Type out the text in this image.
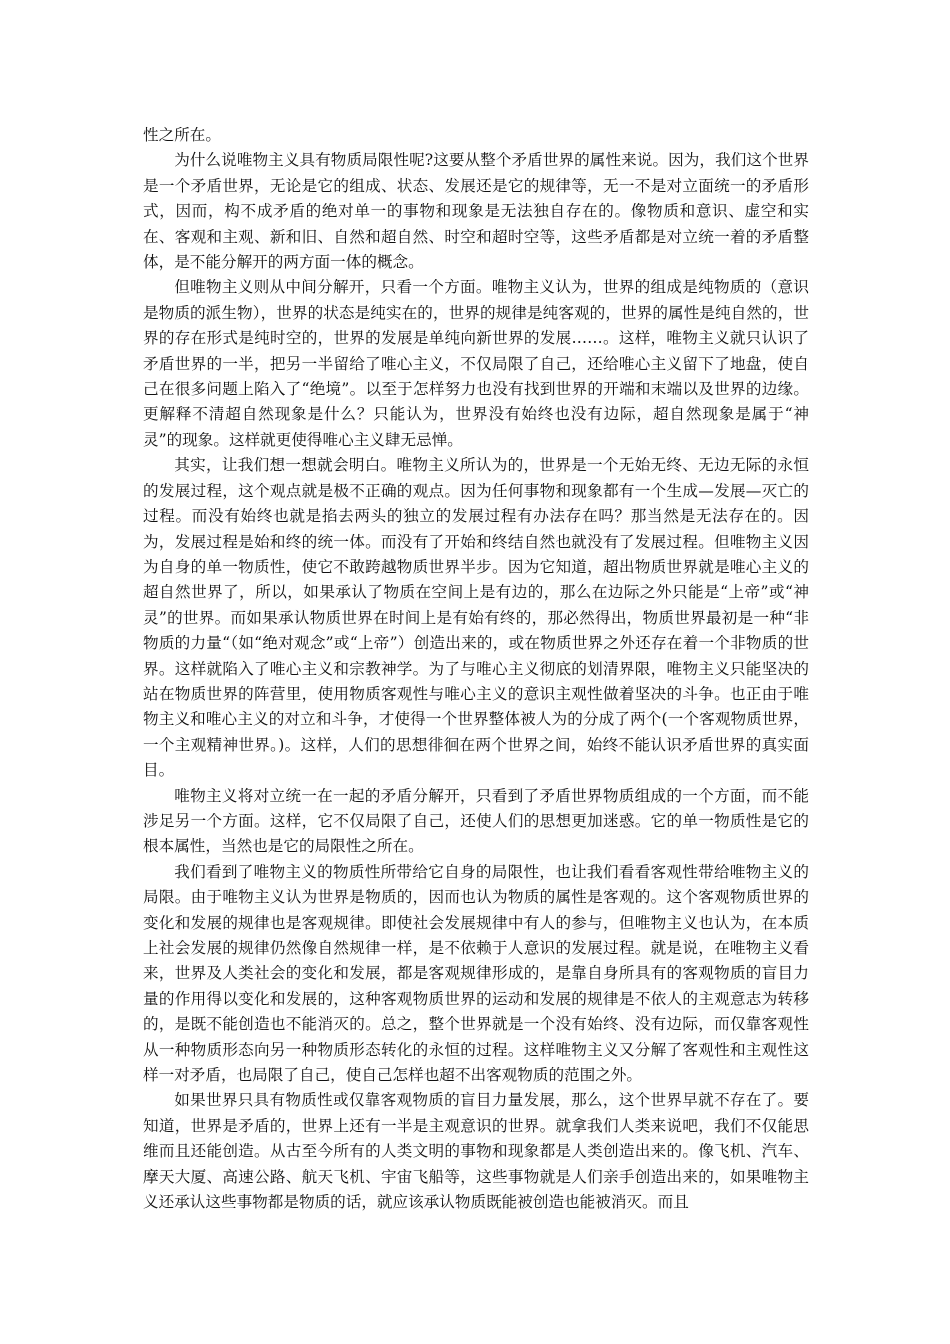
性之所在。

为什么说唯物主义具有物质局限性呢?这要从整个矛盾世界的属性来说。因为，我们这个世界是一个矛盾世界，无论是它的组成、状态、发展还是它的规律等，无一不是对立面统一的矛盾形式，因而，构不成矛盾的绝对单一的事物和现象是无法独自存在的。像物质和意识、虚空和实在、客观和主观、新和旧、自然和超自然、时空和超时空等，这些矛盾都是对立统一着的矛盾整体，是不能分解开的两方面一体的概念。

但唯物主义则从中间分解开，只看一个方面。唯物主义认为，世界的组成是纯物质的（意识是物质的派生物），世界的状态是纯实在的，世界的规律是纯客观的，世界的属性是纯自然的，世界的存在形式是纯时空的，世界的发展是单纯向新世界的发展……。这样，唯物主义就只认识了矛盾世界的一半，把另一半留给了唯心主义，不仅局限了自己，还给唯心主义留下了地盘，使自己在很多问题上陷入了“绝境”。以至于怎样努力也没有找到世界的开端和末端以及世界的边缘。更解释不清超自然现象是什么？只能认为，世界没有始终也没有边际，超自然现象是属于“神灵”的现象。这样就更使得唯心主义肆无忌惮。

其实，让我们想一想就会明白。唯物主义所认为的，世界是一个无始无终、无边无际的永恒的发展过程，这个观点就是极不正确的观点。因为任何事物和现象都有一个生成—发展—灭亡的过程。而没有始终也就是掐去两头的独立的发展过程有办法存在吗？那当然是无法存在的。因为，发展过程是始和终的统一体。而没有了开始和终结自然也就没有了发展过程。但唯物主义因为自身的单一物质性，使它不敢跨越物质世界半步。因为它知道，超出物质世界就是唯心主义的超自然世界了，所以，如果承认了物质在空间上是有边的，那么在边际之外只能是“上帝”或“神灵”的世界。而如果承认物质世界在时间上是有始有终的，那必然得出，物质世界最初是一种“非物质的力量“（如“绝对观念”或“上帝”）创造出来的，或在物质世界之外还存在着一个非物质的世界。这样就陷入了唯心主义和宗教神学。为了与唯心主义彻底的划清界限，唯物主义只能坚决的站在物质世界的阵营里，使用物质客观性与唯心主义的意识主观性做着坚决的斗争。也正由于唯物主义和唯心主义的对立和斗争，才使得一个世界整体被人为的分成了两个(一个客观物质世界，一个主观精神世界。)。这样，人们的思想徘徊在两个世界之间，始终不能认识矛盾世界的真实面目。

唯物主义将对立统一在一起的矛盾分解开，只看到了矛盾世界物质组成的一个方面，而不能涉足另一个方面。这样，它不仅局限了自己，还使人们的思想更加迷惑。它的单一物质性是它的根本属性，当然也是它的局限性之所在。

我们看到了唯物主义的物质性所带给它自身的局限性，也让我们看看客观性带给唯物主义的局限。由于唯物主义认为世界是物质的，因而也认为物质的属性是客观的。这个客观物质世界的变化和发展的规律也是客观规律。即使社会发展规律中有人的参与，但唯物主义也认为，在本质上社会发展的规律仍然像自然规律一样，是不依赖于人意识的发展过程。就是说，在唯物主义看来，世界及人类社会的变化和发展，都是客观规律形成的，是靠自身所具有的客观物质的盲目力量的作用得以变化和发展的，这种客观物质世界的运动和发展的规律是不依人的主观意志为转移的，是既不能创造也不能消灭的。总之，整个世界就是一个没有始终、没有边际，而仅靠客观性从一种物质形态向另一种物质形态转化的永恒的过程。这样唯物主义又分解了客观性和主观性这样一对矛盾，也局限了自己，使自己怎样也超不出客观物质的范围之外。

如果世界只具有物质性或仅靠客观物质的盲目力量发展，那么，这个世界早就不存在了。要知道，世界是矛盾的，世界上还有一半是主观意识的世界。就拿我们人类来说吧，我们不仅能思维而且还能创造。从古至今所有的人类文明的事物和现象都是人类创造出来的。像飞机、汽车、摩天大厦、高速公路、航天飞机、宇宙飞船等，这些事物就是人们亲手创造出来的，如果唯物主义还承认这些事物都是物质的话，就应该承认物质既能被创造也能被消灭。而且
